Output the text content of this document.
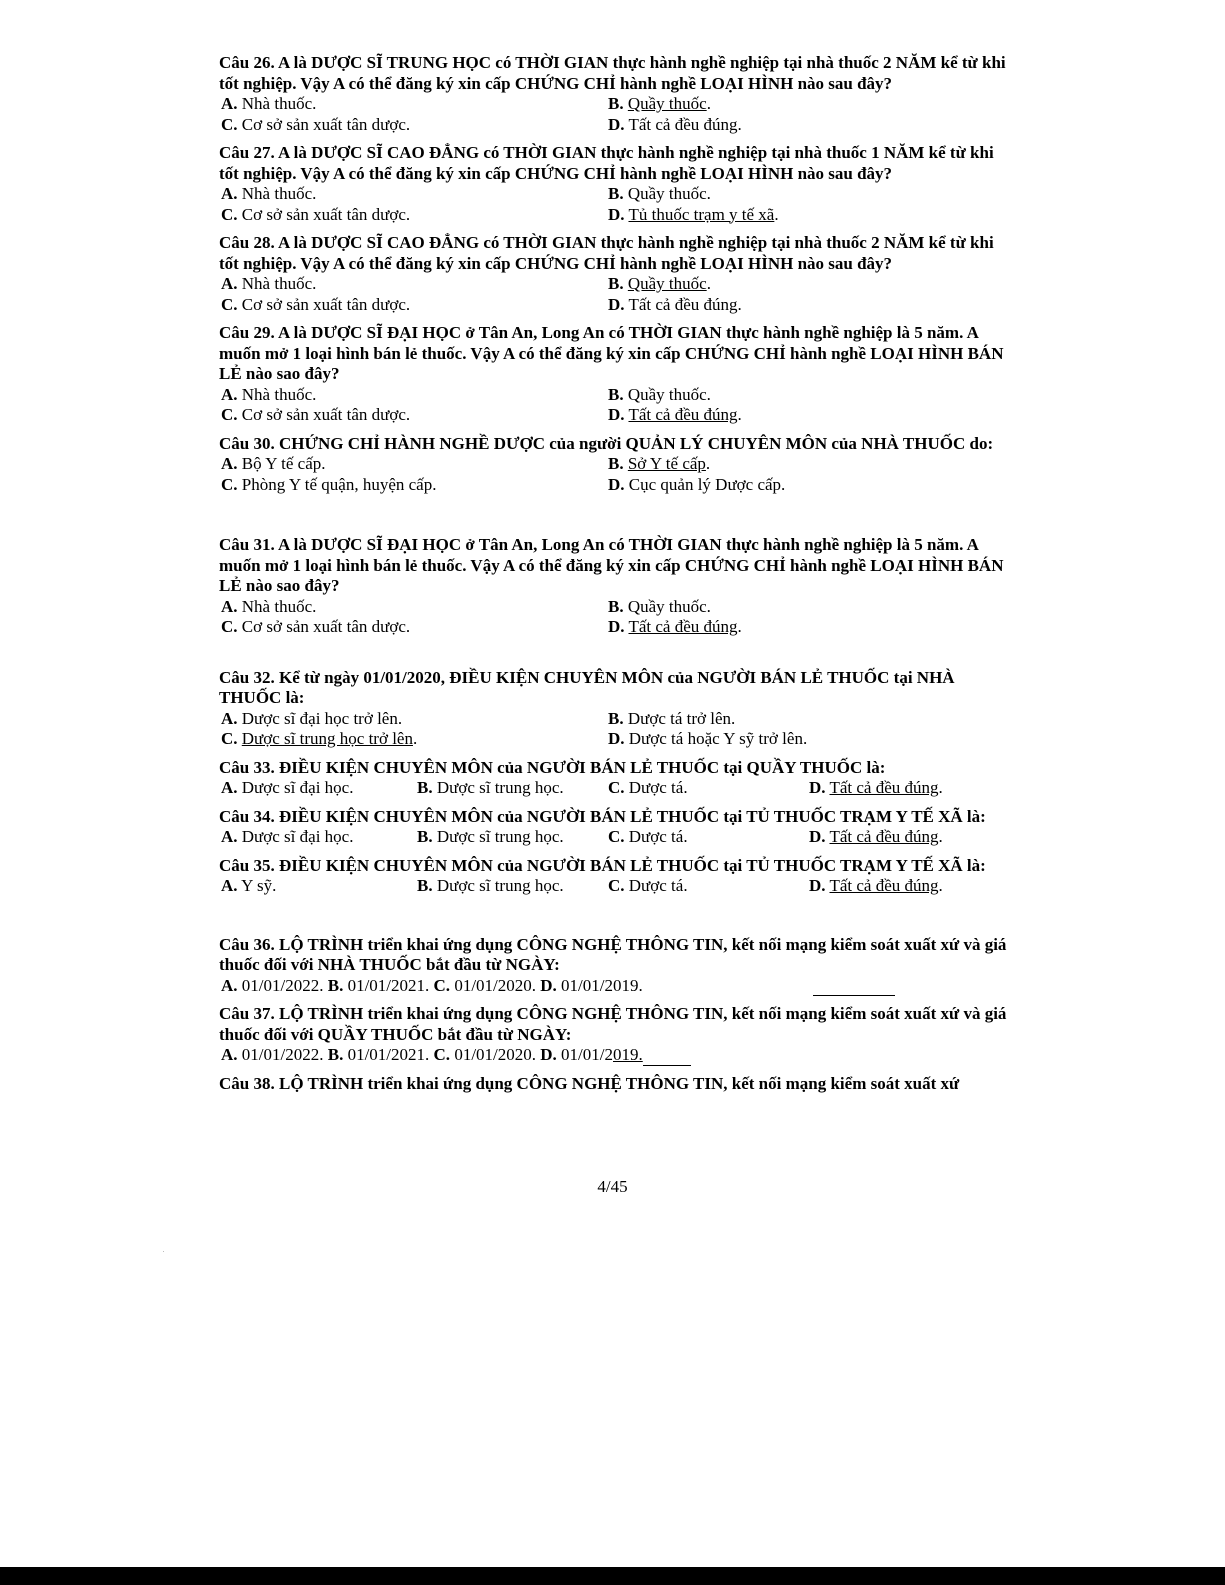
Câu 26. A là DƯỢC SĨ TRUNG HỌC có THỜI GIAN thực hành nghề nghiệp tại nhà thuốc 2 NĂM kể từ khi tốt nghiệp. Vậy A có thể đăng ký xin cấp CHỨNG CHỈ hành nghề LOẠI HÌNH nào sau đây?
A. Nhà thuốc.	B. Quầy thuốc.
C. Cơ sở sản xuất tân dược.	D. Tất cả đều đúng.
Câu 27. A là DƯỢC SĨ CAO ĐẲNG có THỜI GIAN thực hành nghề nghiệp tại nhà thuốc 1 NĂM kể từ khi tốt nghiệp. Vậy A có thể đăng ký xin cấp CHỨNG CHỈ hành nghề LOẠI HÌNH nào sau đây?
A. Nhà thuốc.	B. Quầy thuốc.
C. Cơ sở sản xuất tân dược.	D. Tủ thuốc trạm y tế xã.
Câu 28. A là DƯỢC SĨ CAO ĐẲNG có THỜI GIAN thực hành nghề nghiệp tại nhà thuốc 2 NĂM kể từ khi tốt nghiệp. Vậy A có thể đăng ký xin cấp CHỨNG CHỈ hành nghề LOẠI HÌNH nào sau đây?
A. Nhà thuốc.	B. Quầy thuốc.
C. Cơ sở sản xuất tân dược.	D. Tất cả đều đúng.
Câu 29. A là DƯỢC SĨ ĐẠI HỌC ở Tân An, Long An có THỜI GIAN thực hành nghề nghiệp là 5 năm. A muốn mở 1 loại hình bán lẻ thuốc. Vậy A có thể đăng ký xin cấp CHỨNG CHỈ hành nghề LOẠI HÌNH BÁN LẺ nào sao đây?
A. Nhà thuốc.	B. Quầy thuốc.
C. Cơ sở sản xuất tân dược.	D. Tất cả đều đúng.
Câu 30. CHỨNG CHỈ HÀNH NGHỀ DƯỢC của người QUẢN LÝ CHUYÊN MÔN của NHÀ THUỐC do:
A. Bộ Y tế cấp.	B. Sở Y tế cấp.
C. Phòng Y tế quận, huyện cấp.	D. Cục quản lý Dược cấp.
Câu 31. A là DƯỢC SĨ ĐẠI HỌC ở Tân An, Long An có THỜI GIAN thực hành nghề nghiệp là 5 năm. A muốn mở 1 loại hình bán lẻ thuốc. Vậy A có thể đăng ký xin cấp CHỨNG CHỈ hành nghề LOẠI HÌNH BÁN LẺ nào sao đây?
A. Nhà thuốc.	B. Quầy thuốc.
C. Cơ sở sản xuất tân dược.	D. Tất cả đều đúng.
Câu 32. Kể từ ngày 01/01/2020, ĐIỀU KIỆN CHUYÊN MÔN của NGƯỜI BÁN LẺ THUỐC tại NHÀ THUỐC là:
A. Dược sĩ đại học trở lên.	B. Dược tá trở lên.
C. Dược sĩ trung học trở lên.	D. Dược tá hoặc Y sỹ trở lên.
Câu 33. ĐIỀU KIỆN CHUYÊN MÔN của NGƯỜI BÁN LẺ THUỐC tại QUẦY THUỐC là:
A. Dược sĩ đại học.	B. Dược sĩ trung học.	C. Dược tá.	D. Tất cả đều đúng.
Câu 34. ĐIỀU KIỆN CHUYÊN MÔN của NGƯỜI BÁN LẺ THUỐC tại TỦ THUỐC TRẠM Y TẾ XÃ là:
A. Dược sĩ đại học.	B. Dược sĩ trung học.	C. Dược tá.	D. Tất cả đều đúng.
Câu 35. ĐIỀU KIỆN CHUYÊN MÔN của NGƯỜI BÁN LẺ THUỐC tại TỦ THUỐC TRẠM Y TẾ XÃ là:
A. Y sỹ.	B. Dược sĩ trung học.	C. Dược tá.	D. Tất cả đều đúng.
Câu 36. LỘ TRÌNH triển khai ứng dụng CÔNG NGHỆ THÔNG TIN, kết nối mạng kiểm soát xuất xứ và giá thuốc đối với NHÀ THUỐC bắt đầu từ NGÀY:
A. 01/01/2022. B. 01/01/2021. C. 01/01/2020. D. 01/01/2019.
Câu 37. LỘ TRÌNH triển khai ứng dụng CÔNG NGHỆ THÔNG TIN, kết nối mạng kiểm soát xuất xứ và giá thuốc đối với QUẦY THUỐC bắt đầu từ NGÀY:
A. 01/01/2022. B. 01/01/2021. C. 01/01/2020. D. 01/01/2019.
Câu 38. LỘ TRÌNH triển khai ứng dụng CÔNG NGHỆ THÔNG TIN, kết nối mạng kiểm soát xuất xứ
4/45
